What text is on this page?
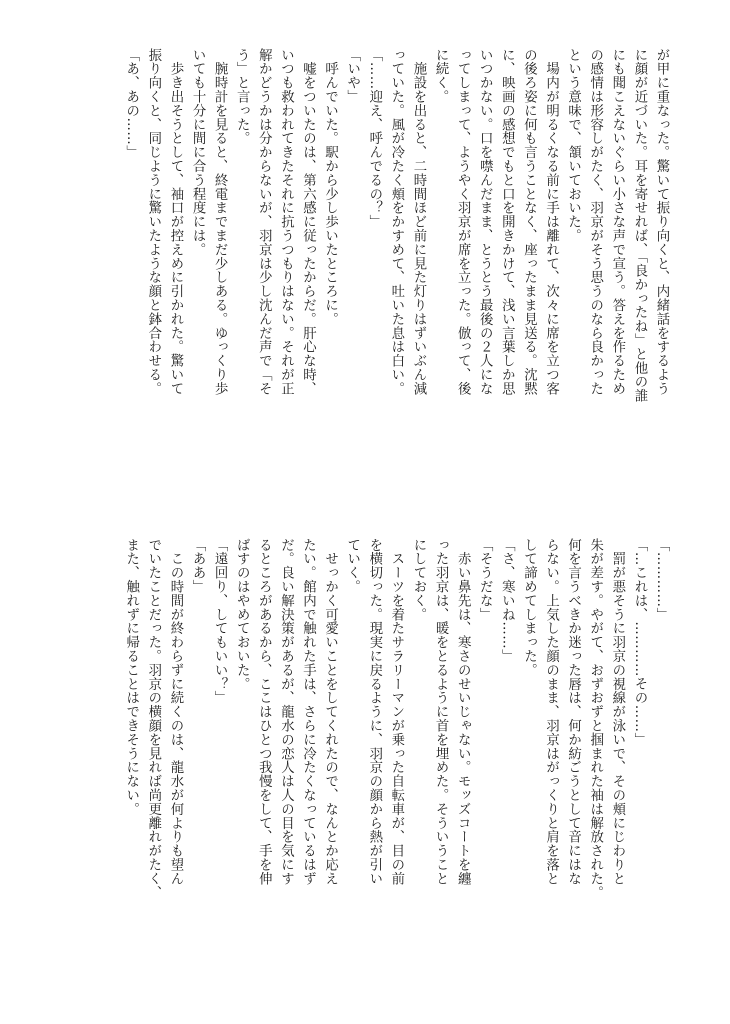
が甲に重なった。驚いて振り向くと、内緒話をするよう

に顔が近づいた。耳を寄せれば、「良かったね」と他の誰

にも聞こえないぐらい小さな声で宣う。答えを作るため

の感情は形容しがたく、羽京がそう思うのなら良かった

という意味で、頷いておいた。

　場内が明るくなる前に手は離れて、次々に席を立つ客

の後ろ姿に何も言うことなく、座ったまま見送る。沈黙

に、映画の感想でもと口を開きかけて、浅い言葉しか思

いつかない。口を噤んだまま、とうとう最後の２人にな

ってしまって、ようやく羽京が席を立った。倣って、後

に続く。

　施設を出ると、二時間ほど前に見た灯りはずいぶん減

っていた。風が冷たく頬をかすめて、吐いた息は白い。

「……迎え、呼んでるの？」

「いや」

　呼んでいた。駅から少し歩いたところに。

　嘘をついたのは、第六感に従ったからだ。肝心な時、

いつも救われてきたそれに抗うつもりはない。それが正

解かどうかは分からないが、羽京は少し沈んだ声で「そ

う」と言った。

　腕時計を見ると、終電までまだ少しある。ゆっくり歩

いても十分に間に合う程度には。

　歩き出そうとして、袖口が控えめに引かれた。驚いて

振り向くと、同じように驚いたような顔と鉢合わせる。

「あ、あの……」

「…………」

「…これは、…………その……」

　罰が悪そうに羽京の視線が泳いで、その頬にじわりと

朱が差す。やがて、おずおずと掴まれた袖は解放された。

何を言うべきか迷った唇は、何か紡ごうとして音にはな

らない。上気した顔のまま、羽京はがっくりと肩を落と

して諦めてしまった。

「さ、寒いね……」

「そうだな」

　赤い鼻先は、寒さのせいじゃない。モッズコートを纏

った羽京は、暖をとるように首を埋めた。そういうこと

にしておく。

　スーツを着たサラリーマンが乗った自転車が、目の前

を横切った。現実に戻るように、羽京の顔から熱が引い

ていく。

　せっかく可愛いことをしてくれたので、なんとか応え

たい。館内で触れた手は、さらに冷たくなっているはず

だ。良い解決策があるが、龍水の恋人は人の目を気にす

るところがあるから、ここはひとつ我慢をして、手を伸

ばすのはやめておいた。

「遠回り、してもいい？」

「ああ」

　この時間が終わらずに続くのは、龍水が何よりも望ん

でいたことだった。羽京の横顔を見れば尚更離れがたく、

また、触れずに帰ることはできそうにない。
